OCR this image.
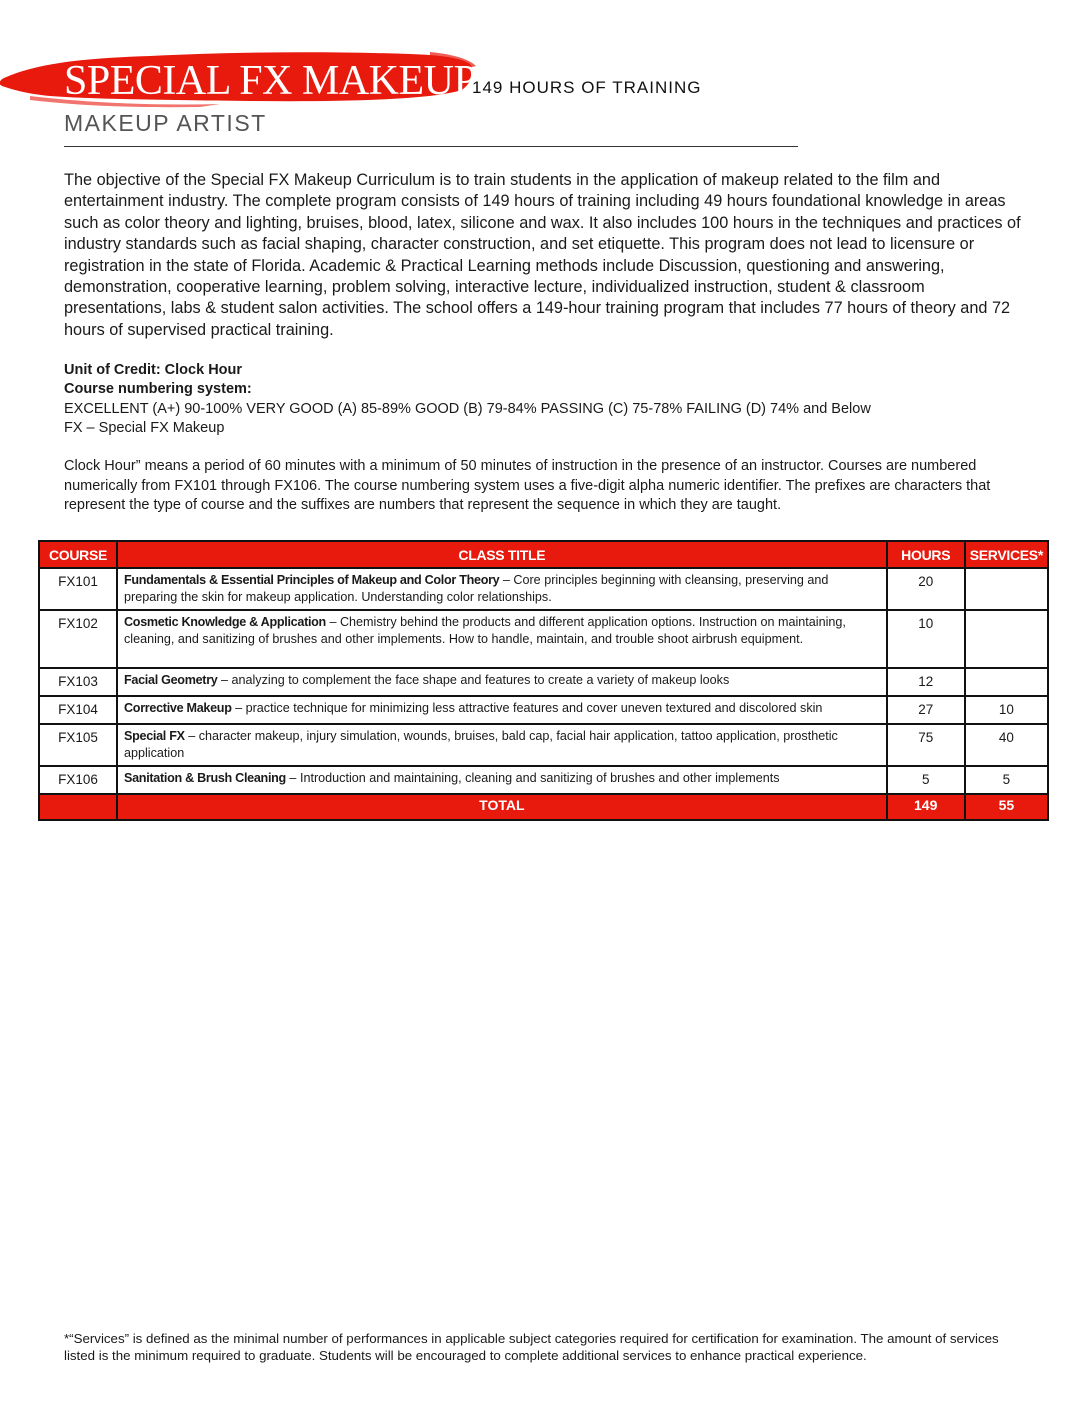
SPECIAL FX MAKEUP
149 HOURS OF TRAINING
MAKEUP ARTIST

The objective of the Special FX Makeup Curriculum is to train students in the application of makeup related to the film and entertainment industry. The complete program consists of 149 hours of training including 49 hours foundational knowledge in areas such as color theory and lighting, bruises, blood, latex, silicone and wax. It also includes 100 hours in the techniques and practices of industry standards such as facial shaping, character construction, and set etiquette. This program does not lead to licensure or registration in the state of Florida. Academic & Practical Learning methods include Discussion, questioning and answering, demonstration, cooperative learning, problem solving, interactive lecture, individualized instruction, student & classroom presentations, labs & student salon activities. The school offers a 149-hour training program that includes 77 hours of theory and 72 hours of supervised practical training.

Unit of Credit: Clock Hour
Course numbering system:
EXCELLENT (A+) 90-100% VERY GOOD (A) 85-89% GOOD (B) 79-84% PASSING (C) 75-78% FAILING (D) 74% and Below
FX – Special FX Makeup

Clock Hour” means a period of 60 minutes with a minimum of 50 minutes of instruction in the presence of an instructor. Courses are numbered numerically from FX101 through FX106. The course numbering system uses a five-digit alpha numeric identifier. The prefixes are characters that represent the type of course and the suffixes are numbers that represent the sequence in which they are taught.

COURSE	CLASS TITLE	HOURS	SERVICES*
FX101	Fundamentals & Essential Principles of Makeup and Color Theory – Core principles beginning with cleansing, preserving and preparing the skin for makeup application. Understanding color relationships.	20	
FX102	Cosmetic Knowledge & Application – Chemistry behind the products and different application options. Instruction on maintaining, cleaning, and sanitizing of brushes and other implements. How to handle, maintain, and trouble shoot airbrush equipment.	10	
FX103	Facial Geometry – analyzing to complement the face shape and features to create a variety of makeup looks	12	
FX104	Corrective Makeup – practice technique for minimizing less attractive features and cover uneven textured and discolored skin	27	10
FX105	Special FX – character makeup, injury simulation, wounds, bruises, bald cap, facial hair application, tattoo application, prosthetic application	75	40
FX106	Sanitation & Brush Cleaning – Introduction and maintaining, cleaning and sanitizing of brushes and other implements	5	5
	TOTAL	149	55

*“Services” is defined as the minimal number of performances in applicable subject categories required for certification for examination. The amount of services listed is the minimum required to graduate. Students will be encouraged to complete additional services to enhance practical experience.
